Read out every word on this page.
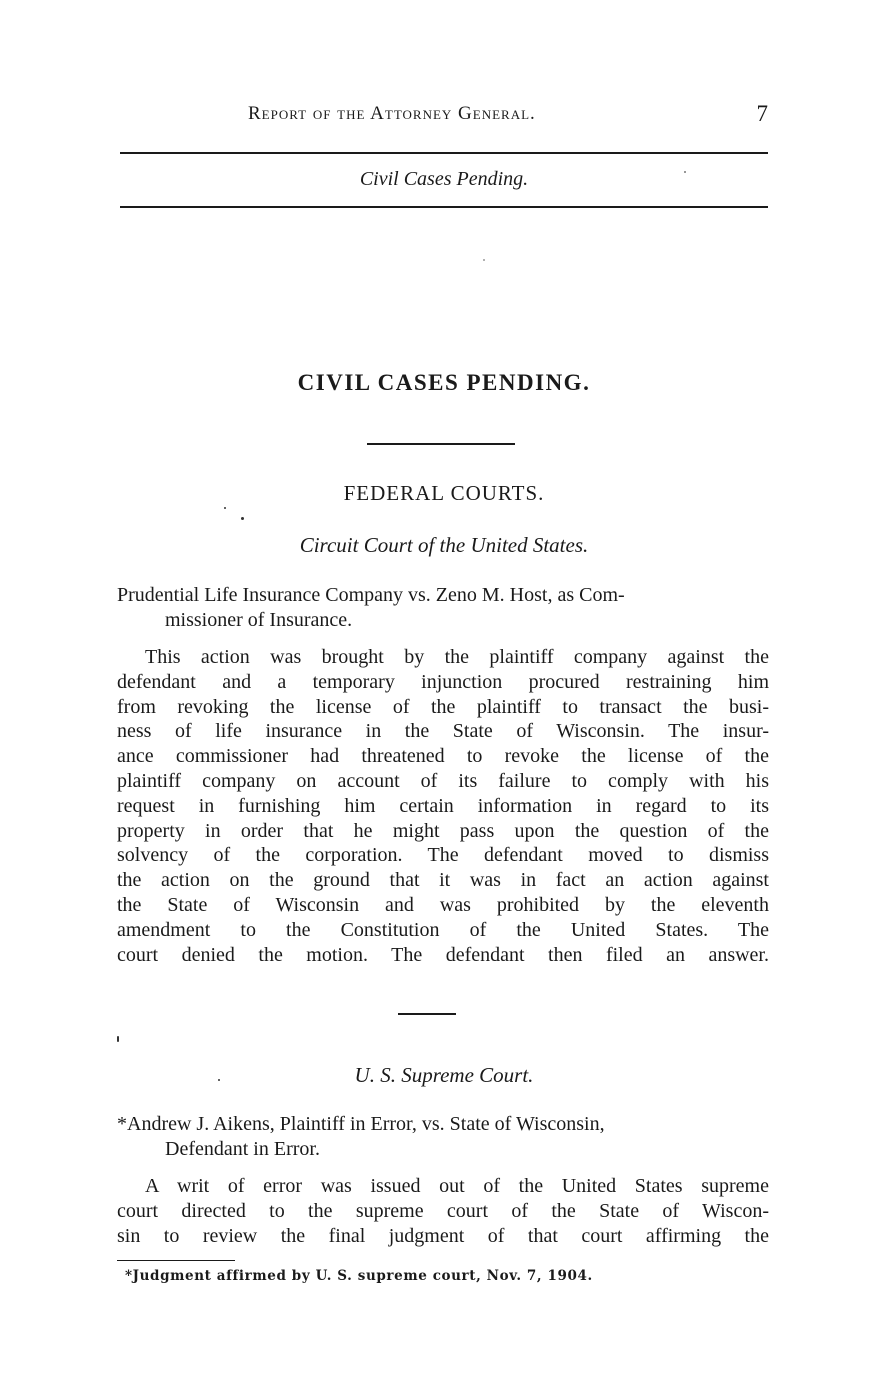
Report of the Attorney General.	7
Civil Cases Pending.
CIVIL CASES PENDING.
FEDERAL COURTS.
Circuit Court of the United States.
Prudential Life Insurance Company vs. Zeno M. Host, as Com-
missioner of Insurance.
This action was brought by the plaintiff company against the
defendant and a temporary injunction procured restraining him
from revoking the license of the plaintiff to transact the busi-
ness of life insurance in the State of Wisconsin. The insur-
ance commissioner had threatened to revoke the license of the
plaintiff company on account of its failure to comply with his
request in furnishing him certain information in regard to its
property in order that he might pass upon the question of the
solvency of the corporation. The defendant moved to dismiss
the action on the ground that it was in fact an action against
the State of Wisconsin and was prohibited by the eleventh
amendment to the Constitution of the United States. The
court denied the motion. The defendant then filed an answer.
U. S. Supreme Court.
*Andrew J. Aikens, Plaintiff in Error, vs. State of Wisconsin,
Defendant in Error.
A writ of error was issued out of the United States supreme
court directed to the supreme court of the State of Wiscon-
sin to review the final judgment of that court affirming the
*Judgment affirmed by U. S. supreme court, Nov. 7, 1904.
